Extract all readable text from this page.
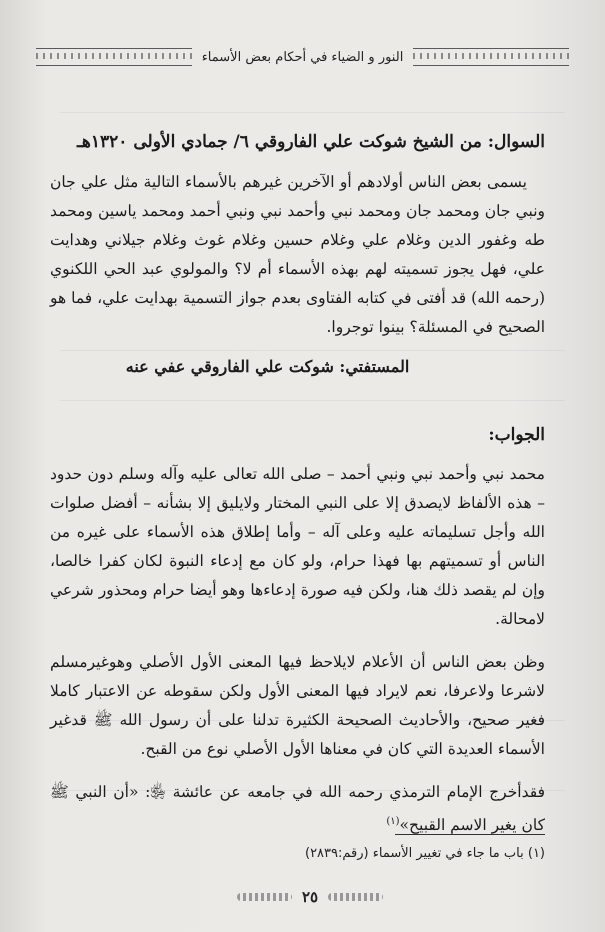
النور و الضياء في أحكام بعض الأسماء

السوال: من الشيخ شوكت علي الفاروقي ٦/ جمادي الأولى ١٣٢٠هـ

يسمى بعض الناس أولادهم أو الآخرين غيرهم بالأسماء التالية مثل علي جان ونبي جان ومحمد جان ومحمد نبي وأحمد نبي ونبي أحمد ومحمد ياسين ومحمد طه وغفور الدين وغلام علي وغلام حسين وغلام غوث وغلام جيلاني وهدايت علي، فهل يجوز تسميته لهم بهذه الأسماء أم لا؟ والمولوي عبد الحي اللكنوي (رحمه الله) قد أفتى في كتابه الفتاوى بعدم جواز التسمية بهدايت علي، فما هو الصحيح في المسئلة؟ بينوا توجروا.

المستفتي: شوكت علي الفاروقي عفي عنه

الجواب:

محمد نبي وأحمد نبي ونبي أحمد – صلى الله تعالى عليه وآله وسلم دون حدود – هذه الألفاظ لايصدق إلا على النبي المختار ولايليق إلا بشأنه – أفضل صلوات الله وأجل تسليماته عليه وعلى آله – وأما إطلاق هذه الأسماء على غيره من الناس أو تسميتهم بها فهذا حرام، ولو كان مع إدعاء النبوة لكان كفرا خالصا، وإن لم يقصد ذلك هنا، ولكن فيه صورة إدعاءها وهو أيضا حرام ومحذور شرعي لامحالة.

وظن بعض الناس أن الأعلام لايلاحظ فيها المعنى الأول الأصلي وهوغيرمسلم لاشرعا ولاعرفا، نعم لايراد فيها المعنى الأول ولكن سقوطه عن الاعتبار كاملا فغير صحيح، والأحاديث الصحيحة الكثيرة تدلنا على أن رسول الله ﷺ قدغير الأسماء العديدة التي كان في معناها الأول الأصلي نوع من القبح.

فقدأخرج الإمام الترمذي رحمه الله في جامعه عن عائشة ﵂: «أن النبي ﷺ كان يغير الاسم القبيح»$^{(١)}$

(١) باب ما جاء في تغيير الأسماء (رقم:٢٨٣٩)
٢٥
